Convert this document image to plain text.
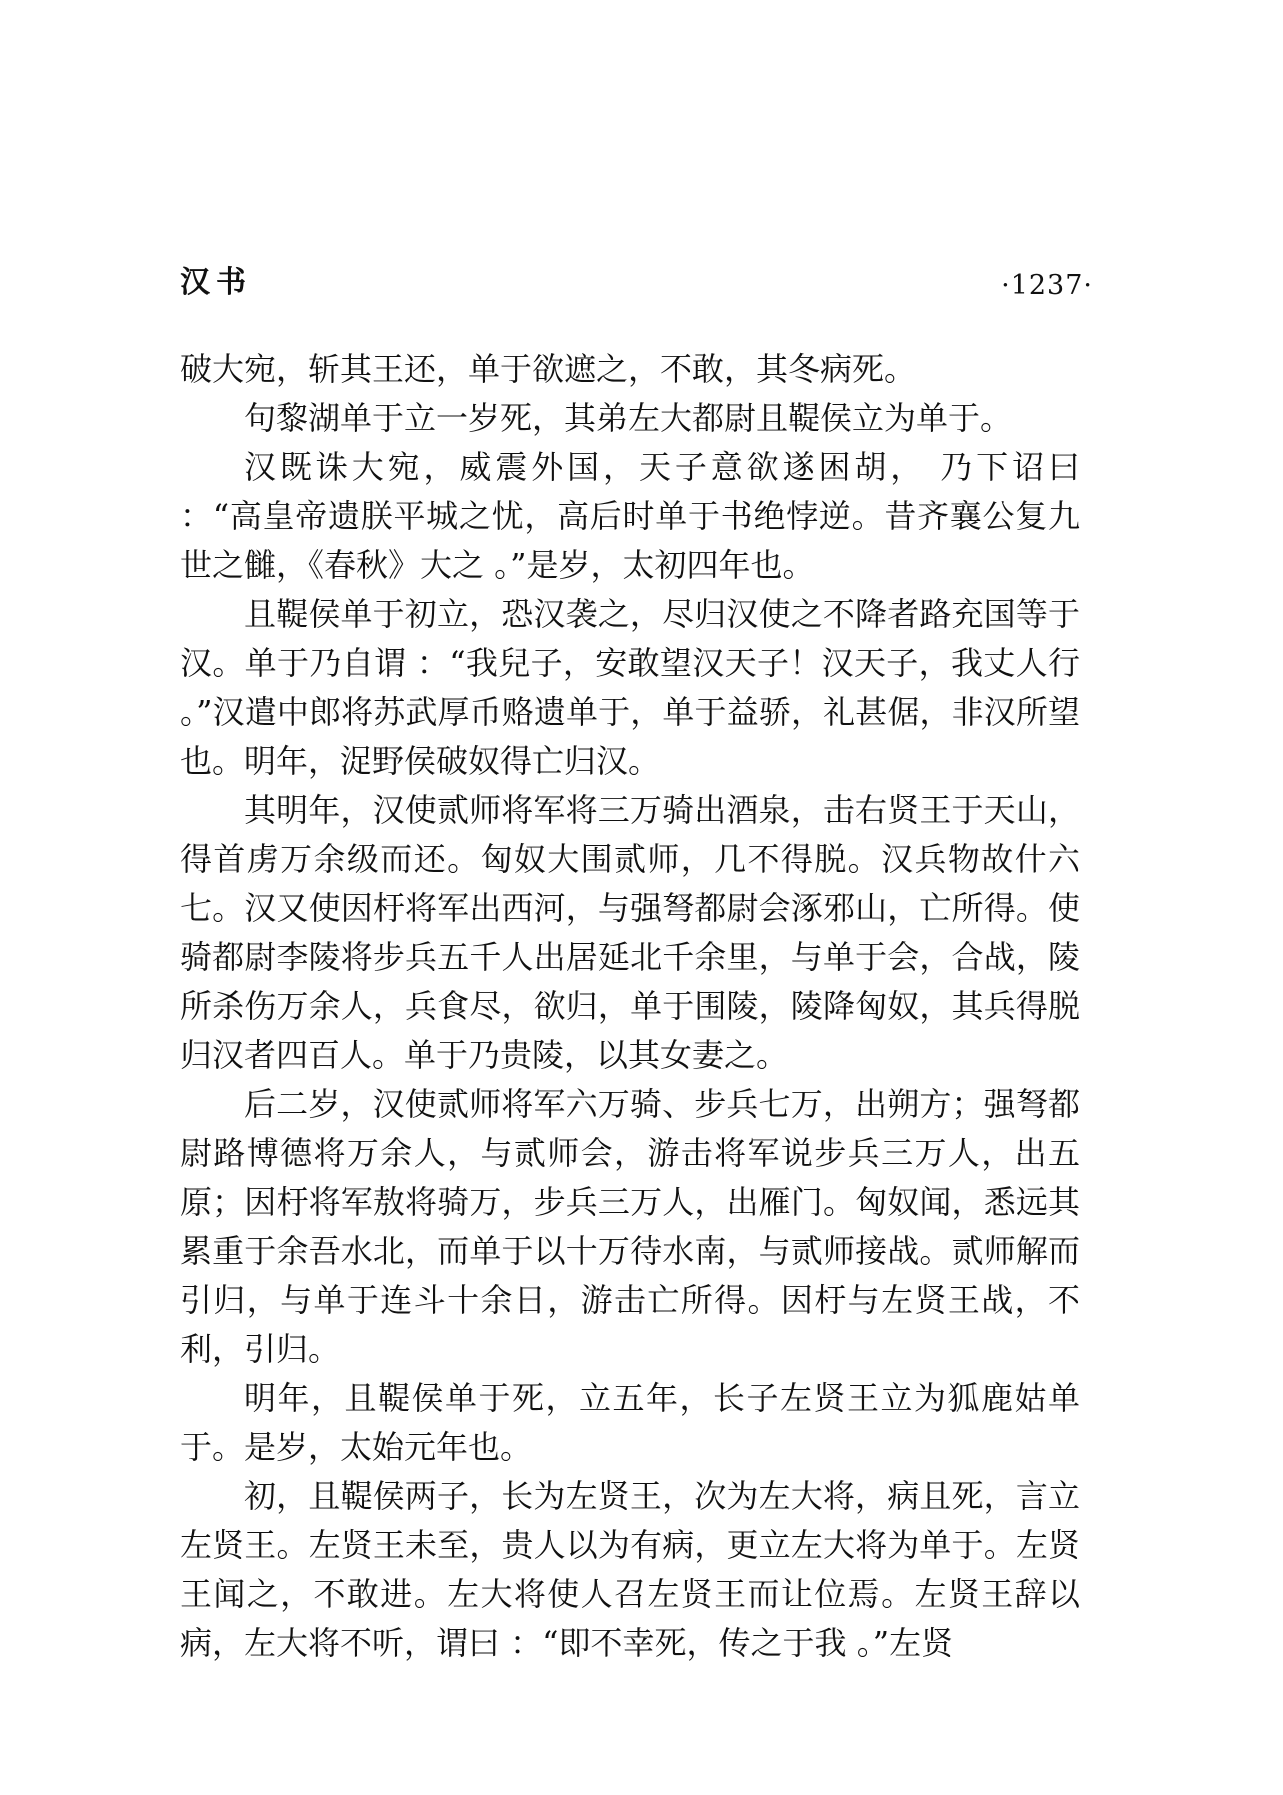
汉书	·1237·

破大宛，斩其王还，单于欲遮之，不敢，其冬病死。

句黎湖单于立一岁死，其弟左大都尉且鞮侯立为单于。

汉既诛大宛，威震外国，天子意欲遂困胡， 乃下诏曰 ：“高皇帝遗朕平城之忧，高后时单于书绝悖逆。昔齐襄公复九世之雠，《春秋》大之 。”是岁，太初四年也。

且鞮侯单于初立，恐汉袭之，尽归汉使之不降者路充国等于汉。单于乃自谓 ：“我兒子，安敢望汉天子！汉天子，我丈人行 。”汉遣中郎将苏武厚币赂遗单于，单于益骄，礼甚倨，非汉所望也。明年，浞野侯破奴得亡归汉。

其明年，汉使贰师将军将三万骑出酒泉，击右贤王于天山，得首虏万余级而还。匈奴大围贰师，几不得脱。汉兵物故什六七。汉又使因杅将军出西河，与强弩都尉会涿邪山，亡所得。使骑都尉李陵将步兵五千人出居延北千余里，与单于会，合战，陵所杀伤万余人，兵食尽，欲归，单于围陵，陵降匈奴，其兵得脱归汉者四百人。单于乃贵陵，以其女妻之。

后二岁，汉使贰师将军六万骑、步兵七万，出朔方；强弩都尉路博德将万余人，与贰师会，游击将军说步兵三万人，出五原；因杅将军敖将骑万，步兵三万人，出雁门。匈奴闻，悉远其累重于余吾水北，而单于以十万待水南，与贰师接战。贰师解而引归，与单于连斗十余日，游击亡所得。因杅与左贤王战，不利，引归。

明年，且鞮侯单于死，立五年，长子左贤王立为狐鹿姑单于。是岁，太始元年也。

初，且鞮侯两子，长为左贤王，次为左大将，病且死，言立左贤王。左贤王未至，贵人以为有病，更立左大将为单于。左贤王闻之，不敢进。左大将使人召左贤王而让位焉。左贤王辞以病，左大将不听，谓曰 ：“即不幸死，传之于我 。”左贤
